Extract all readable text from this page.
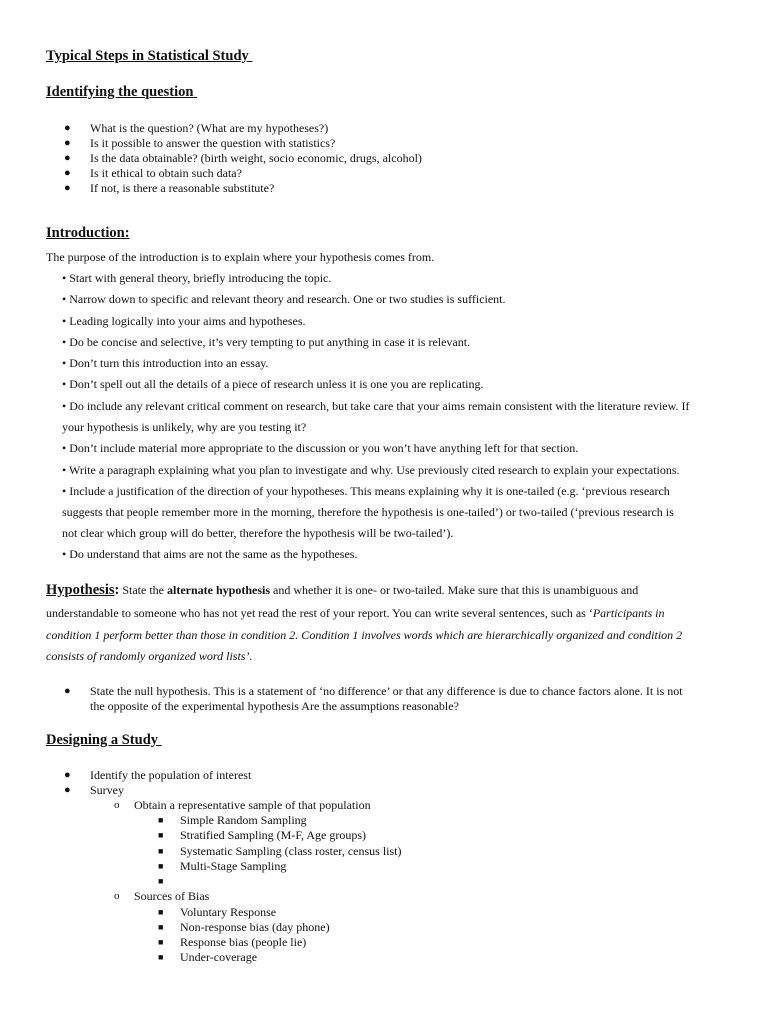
Typical Steps in Statistical Study
Identifying the question
● What is the question? (What are my hypotheses?)
● Is it possible to answer the question with statistics?
● Is the data obtainable? (birth weight, socio economic, drugs, alcohol)
● Is it ethical to obtain such data?
● If not, is there a reasonable substitute?
Introduction:
The purpose of the introduction is to explain where your hypothesis comes from.
• Start with general theory, briefly introducing the topic.
• Narrow down to specific and relevant theory and research. One or two studies is sufficient.
• Leading logically into your aims and hypotheses.
• Do be concise and selective, it’s very tempting to put anything in case it is relevant.
• Don’t turn this introduction into an essay.
• Don’t spell out all the details of a piece of research unless it is one you are replicating.
• Do include any relevant critical comment on research, but take care that your aims remain consistent with the literature review. If
your hypothesis is unlikely, why are you testing it?
• Don’t include material more appropriate to the discussion or you won’t have anything left for that section.
• Write a paragraph explaining what you plan to investigate and why. Use previously cited research to explain your expectations.
• Include a justification of the direction of your hypotheses. This means explaining why it is one-tailed (e.g. ‘previous research
suggests that people remember more in the morning, therefore the hypothesis is one-tailed’) or two-tailed (‘previous research is
not clear which group will do better, therefore the hypothesis will be two-tailed’).
• Do understand that aims are not the same as the hypotheses.
Hypothesis: State the alternate hypothesis and whether it is one- or two-tailed. Make sure that this is unambiguous and
understandable to someone who has not yet read the rest of your report. You can write several sentences, such as ‘Participants in
condition 1 perform better than those in condition 2. Condition 1 involves words which are hierarchically organized and condition 2
consists of randomly organized word lists’.
● State the null hypothesis. This is a statement of ‘no difference’ or that any difference is due to chance factors alone. It is not
the opposite of the experimental hypothesis Are the assumptions reasonable?
Designing a Study
● Identify the population of interest
● Survey
o Obtain a representative sample of that population
■ Simple Random Sampling
■ Stratified Sampling (M-F, Age groups)
■ Systematic Sampling (class roster, census list)
■ Multi-Stage Sampling
■
o Sources of Bias
■ Voluntary Response
■ Non-response bias (day phone)
■ Response bias (people lie)
■ Under-coverage
